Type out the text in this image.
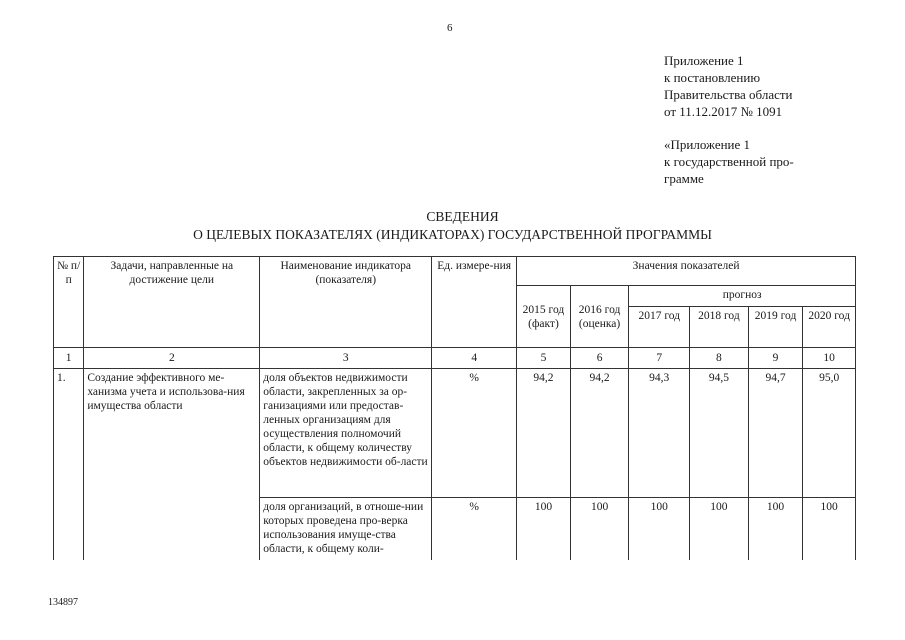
6
Приложение 1
к постановлению
Правительства области
от 11.12.2017 № 1091
«Приложение 1
к государственной про-
грамме
СВЕДЕНИЯ
О ЦЕЛЕВЫХ ПОКАЗАТЕЛЯХ (ИНДИКАТОРАХ) ГОСУДАРСТВЕННОЙ ПРОГРАММЫ
№ п/п	Задачи, направленные на достижение цели	Наименование индикатора (показателя)	Ед. измере-ния	Значения показателей					
				2015 год (факт)	2016 год (оценка)	прогноз			
						2017 год	2018 год	2019 год	2020 год
1	2	3	4	5	6	7	8	9	10
1.	Создание эффективного ме-ханизма учета и использова-ния имущества области	доля объектов недвижимости области, закрепленных за ор-ганизациями или предостав-ленных организациям для осуществления полномочий области, к общему количеству объектов недвижимости об-ласти	%	94,2	94,2	94,3	94,5	94,7	95,0
		доля организаций, в отноше-нии которых проведена про-верка использования имуще-ства области, к общему коли-	%	100	100	100	100	100	100
134897
